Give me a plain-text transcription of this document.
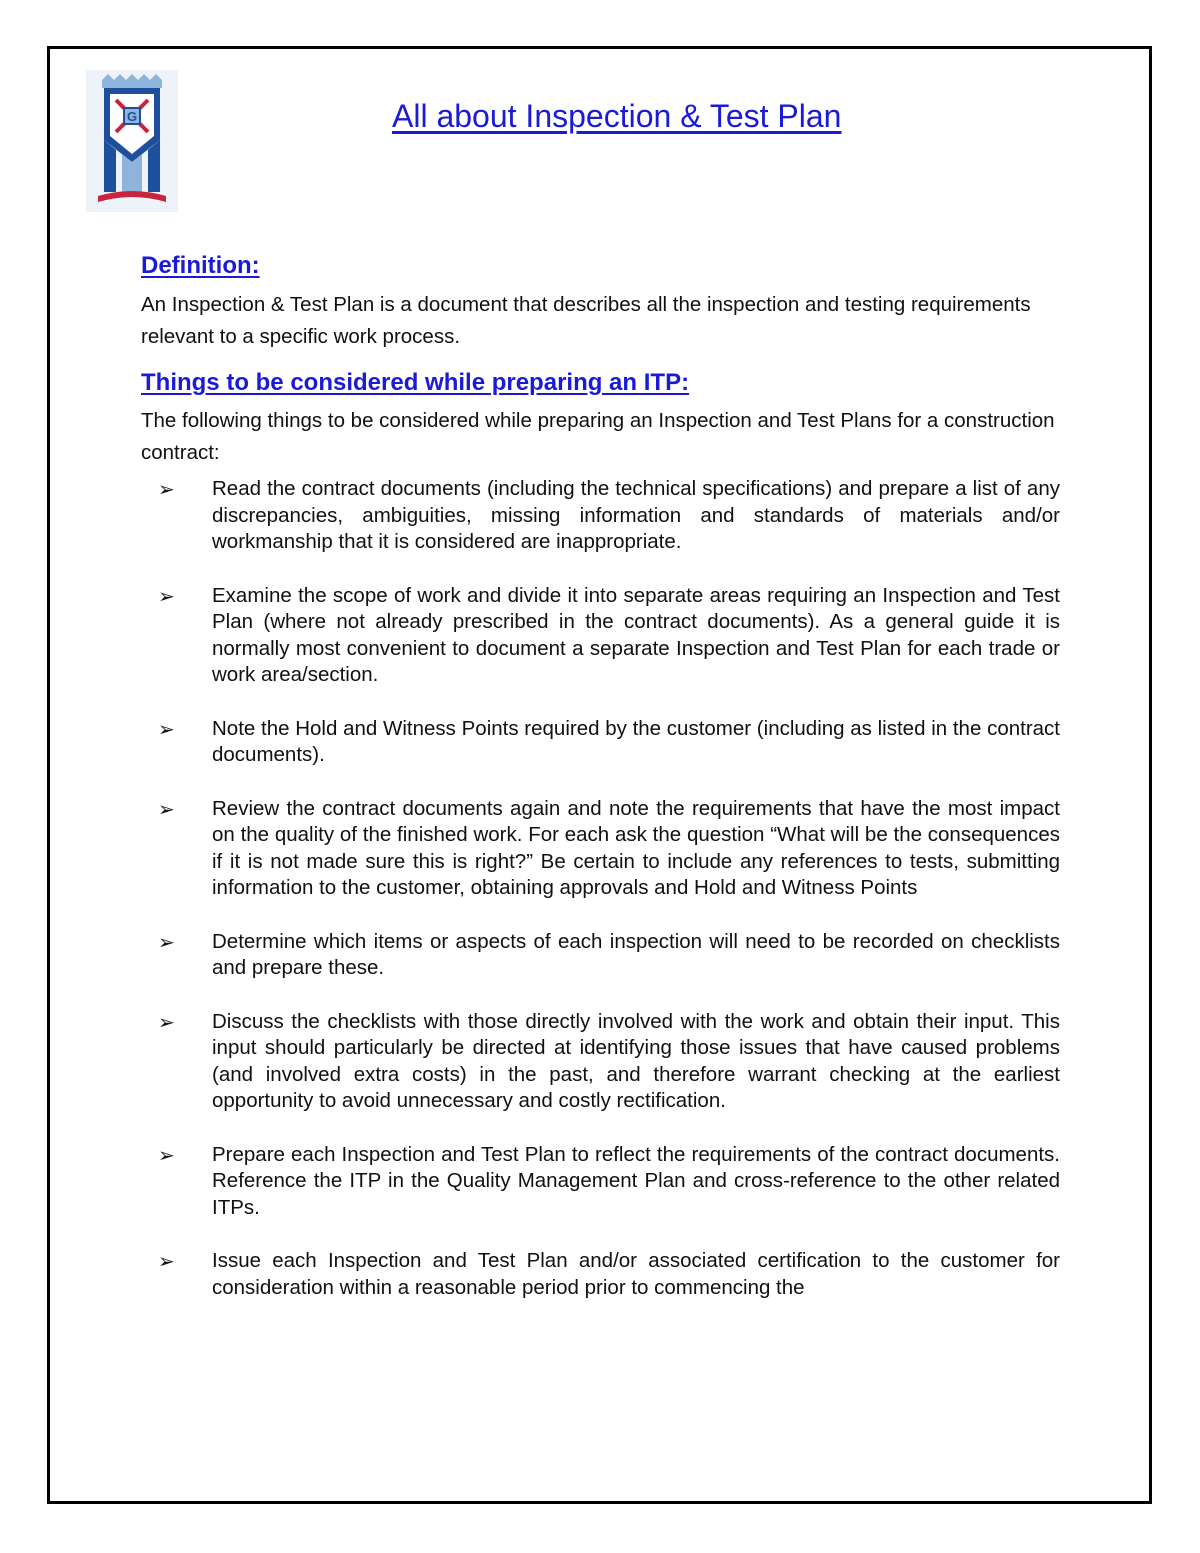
G	All about Inspection & Test Plan
Definition:

An Inspection & Test Plan is a document that describes all the inspection and testing requirements relevant to a specific work process.

Things to be considered while preparing an ITP:

The following things to be considered while preparing an Inspection and Test Plans for a construction contract:

➢ Read the contract documents (including the technical specifications) and prepare a list of any discrepancies, ambiguities, missing information and standards of materials and/or workmanship that it is considered are inappropriate.
➢ Examine the scope of work and divide it into separate areas requiring an Inspection and Test Plan (where not already prescribed in the contract documents). As a general guide it is normally most convenient to document a separate Inspection and Test Plan for each trade or work area/section.
➢ Note the Hold and Witness Points required by the customer (including as listed in the contract documents).
➢ Review the contract documents again and note the requirements that have the most impact on the quality of the finished work. For each ask the question “What will be the consequences if it is not made sure this is right?” Be certain to include any references to tests, submitting information to the customer, obtaining approvals and Hold and Witness Points
➢ Determine which items or aspects of each inspection will need to be recorded on checklists and prepare these.
➢ Discuss the checklists with those directly involved with the work and obtain their input. This input should particularly be directed at identifying those issues that have caused problems (and involved extra costs) in the past, and therefore warrant checking at the earliest opportunity to avoid unnecessary and costly rectification.
➢ Prepare each Inspection and Test Plan to reflect the requirements of the contract documents. Reference the ITP in the Quality Management Plan and cross-reference to the other related ITPs.
➢ Issue each Inspection and Test Plan and/or associated certification to the customer for consideration within a reasonable period prior to commencing the
